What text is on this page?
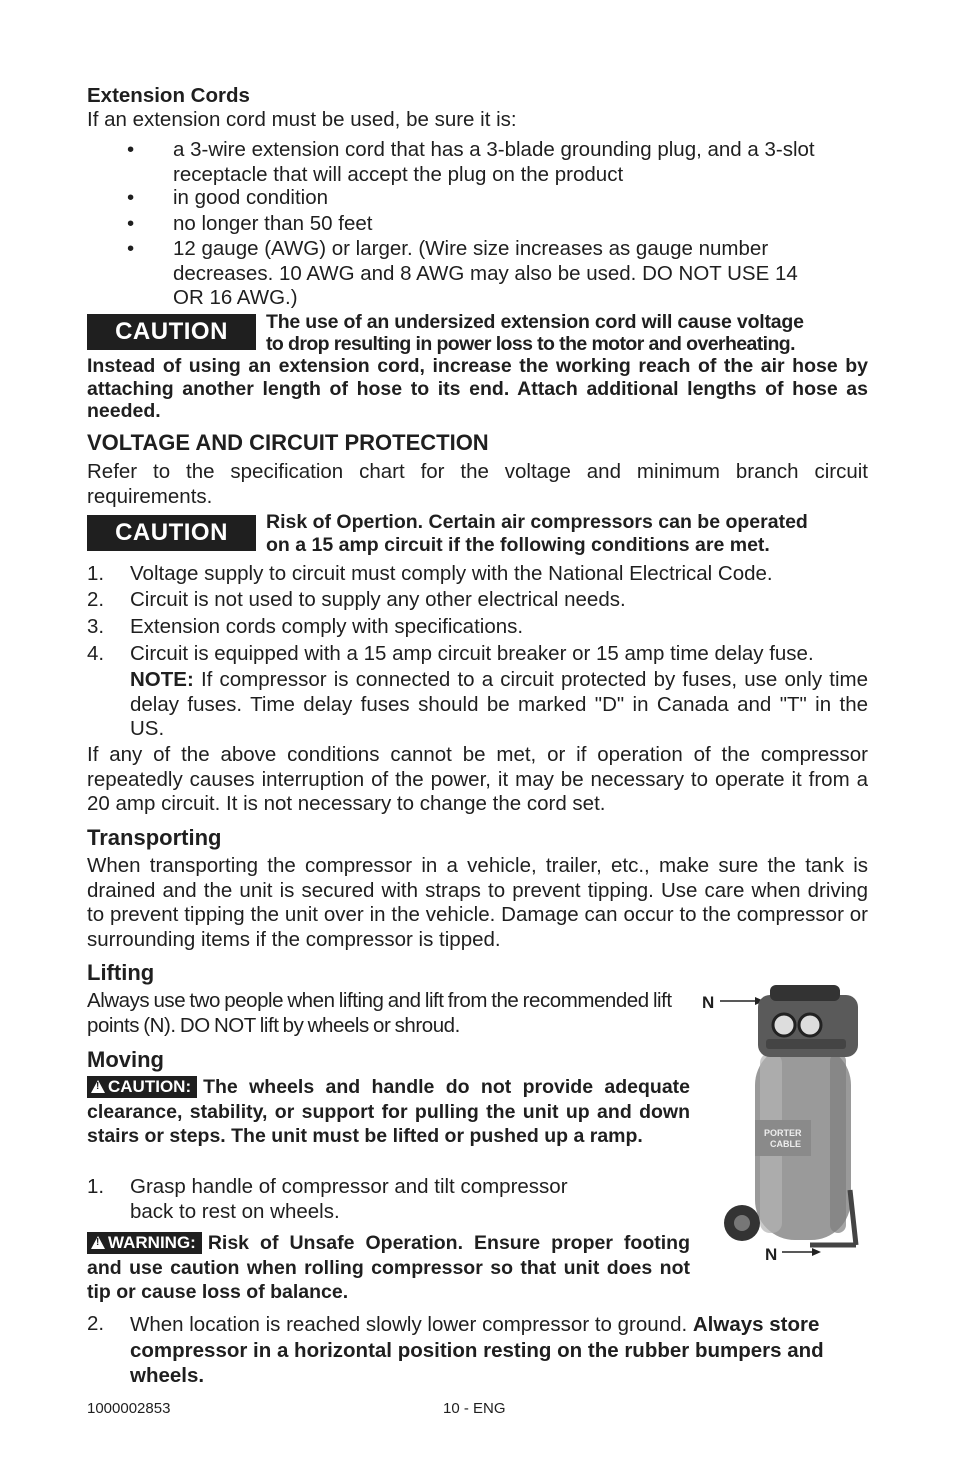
Extension Cords
If an extension cord must be used, be sure it is:
• a 3-wire extension cord that has a 3-blade grounding plug, and a 3-slot
receptacle that will accept the plug on the product
• in good condition
• no longer than 50 feet
• 12 gauge (AWG) or larger. (Wire size increases as gauge number
decreases. 10 AWG and 8 AWG may also be used. DO NOT USE 14
OR 16 AWG.)
CAUTION	The use of an undersized extension cord will cause voltage
to drop resulting in power loss to the motor and overheating.
Instead of using an extension cord, increase the working reach of the air hose by attaching another length of hose to its end. Attach additional lengths of hose as needed.
VOLTAGE AND CIRCUIT PROTECTION
Refer to the specification chart for the voltage and minimum branch circuit requirements.
CAUTION	Risk of Opertion. Certain air compressors can be operated
on a 15 amp circuit if the following conditions are met.
1. Voltage supply to circuit must comply with the National Electrical Code.
2. Circuit is not used to supply any other electrical needs.
3. Extension cords comply with specifications.
4. Circuit is equipped with a 15 amp circuit breaker or 15 amp time delay fuse.
NOTE: If compressor is connected to a circuit protected by fuses, use only time delay fuses. Time delay fuses should be marked "D" in Canada and "T" in the US.
If any of the above conditions cannot be met, or if operation of the compressor repeatedly causes interruption of the power, it may be necessary to operate it from a 20 amp circuit. It is not necessary to change the cord set.
Transporting
When transporting the compressor in a vehicle, trailer, etc., make sure the tank is drained and the unit is secured with straps to prevent tipping. Use care when driving to prevent tipping the unit over in the vehicle. Damage can occur to the compressor or surrounding items if the compressor is tipped.
Lifting
Always use two people when lifting and lift from the recommended lift points (N). DO NOT lift by wheels or shroud.
Moving
!CAUTION: The wheels and handle do not provide adequate clearance, stability, or support for pulling the unit up and down stairs or steps. The unit must be lifted or pushed up a ramp.
1. Grasp handle of compressor and tilt compressor
back to rest on wheels.
!WARNING: Risk of Unsafe Operation. Ensure proper footing and use caution when rolling compressor so that unit does not tip or cause loss of balance.
2. When location is reached slowly lower compressor to ground. Always store compressor in a horizontal position resting on the rubber bumpers and wheels.
N
N
PORTER
CABLE
1000002853	10 - ENG
